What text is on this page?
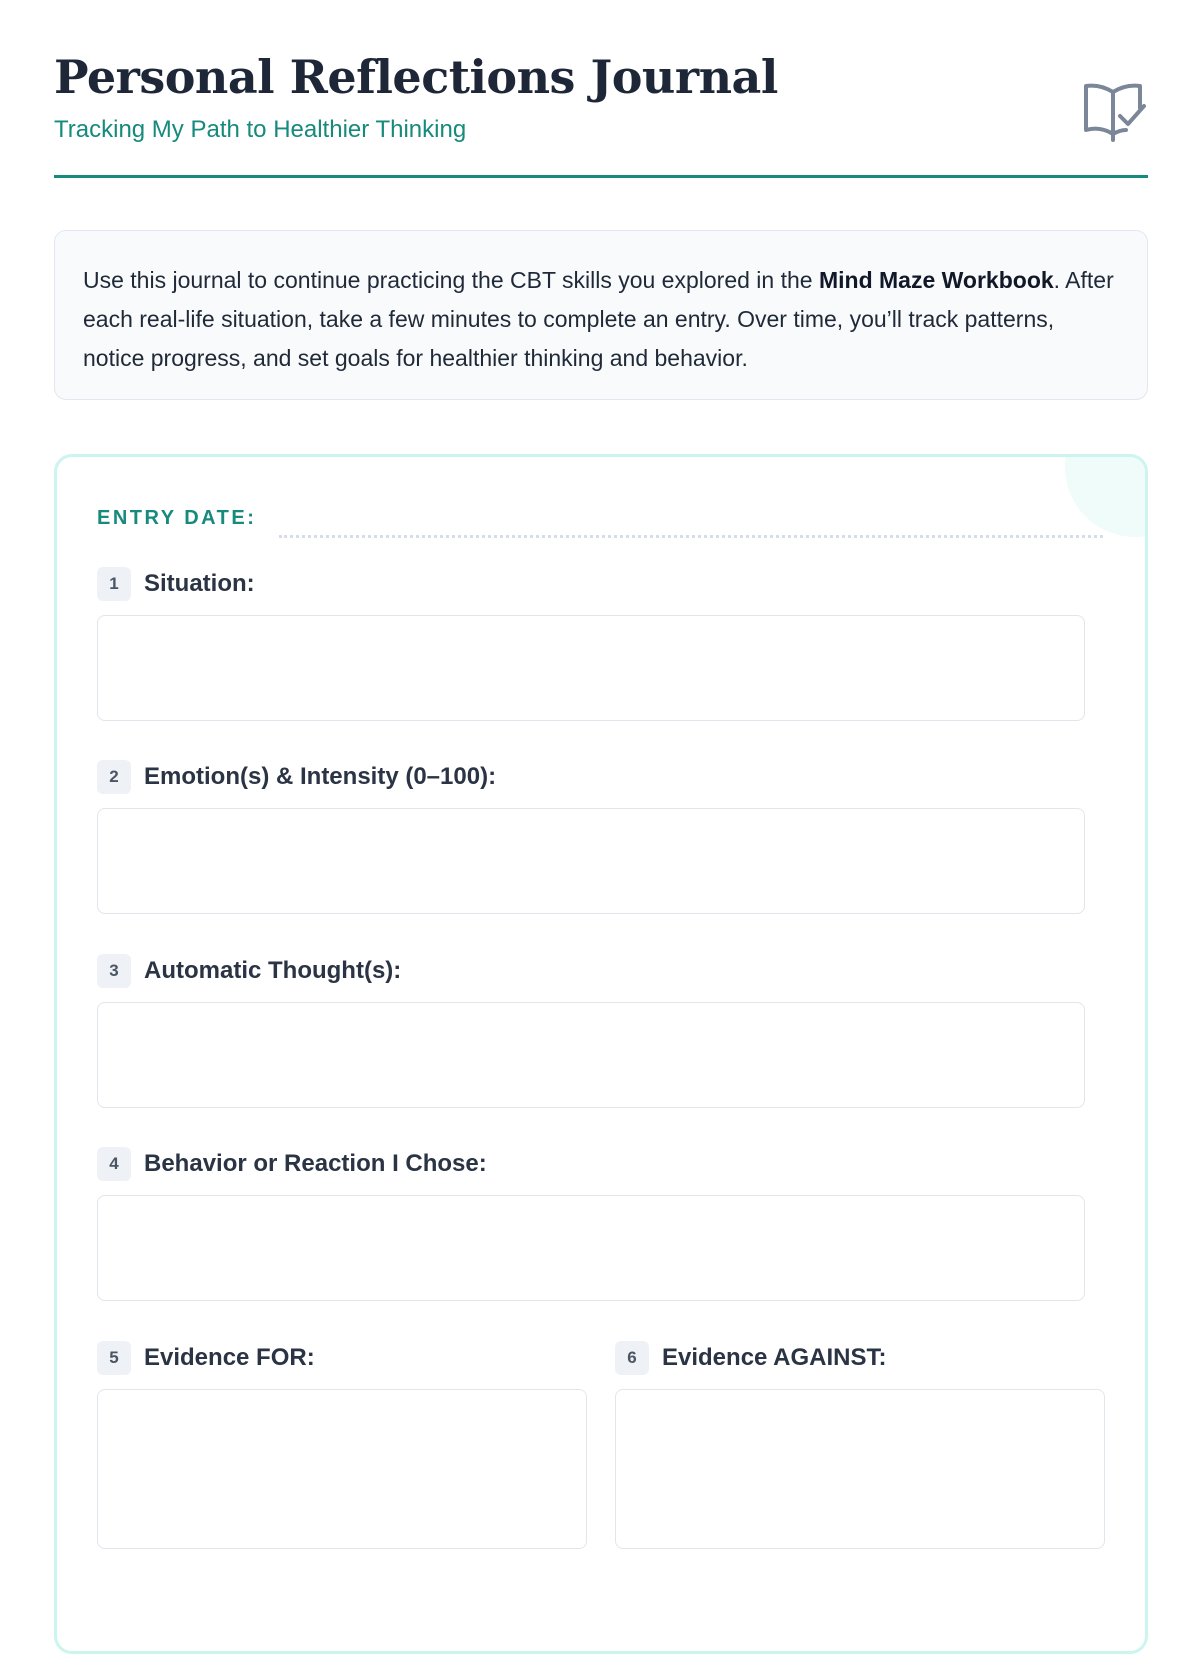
Personal Reflections Journal

Tracking My Path to Healthier Thinking

Use this journal to continue practicing the CBT skills you explored in the Mind Maze Workbook. After each real-life situation, take a few minutes to complete an entry. Over time, you’ll track patterns, notice progress, and set goals for healthier thinking and behavior.
ENTRY DATE:
1	Situation:
2	Emotion(s) & Intensity (0–100):
3	Automatic Thought(s):
4	Behavior or Reaction I Chose:
5	Evidence FOR:	6	Evidence AGAINST:
